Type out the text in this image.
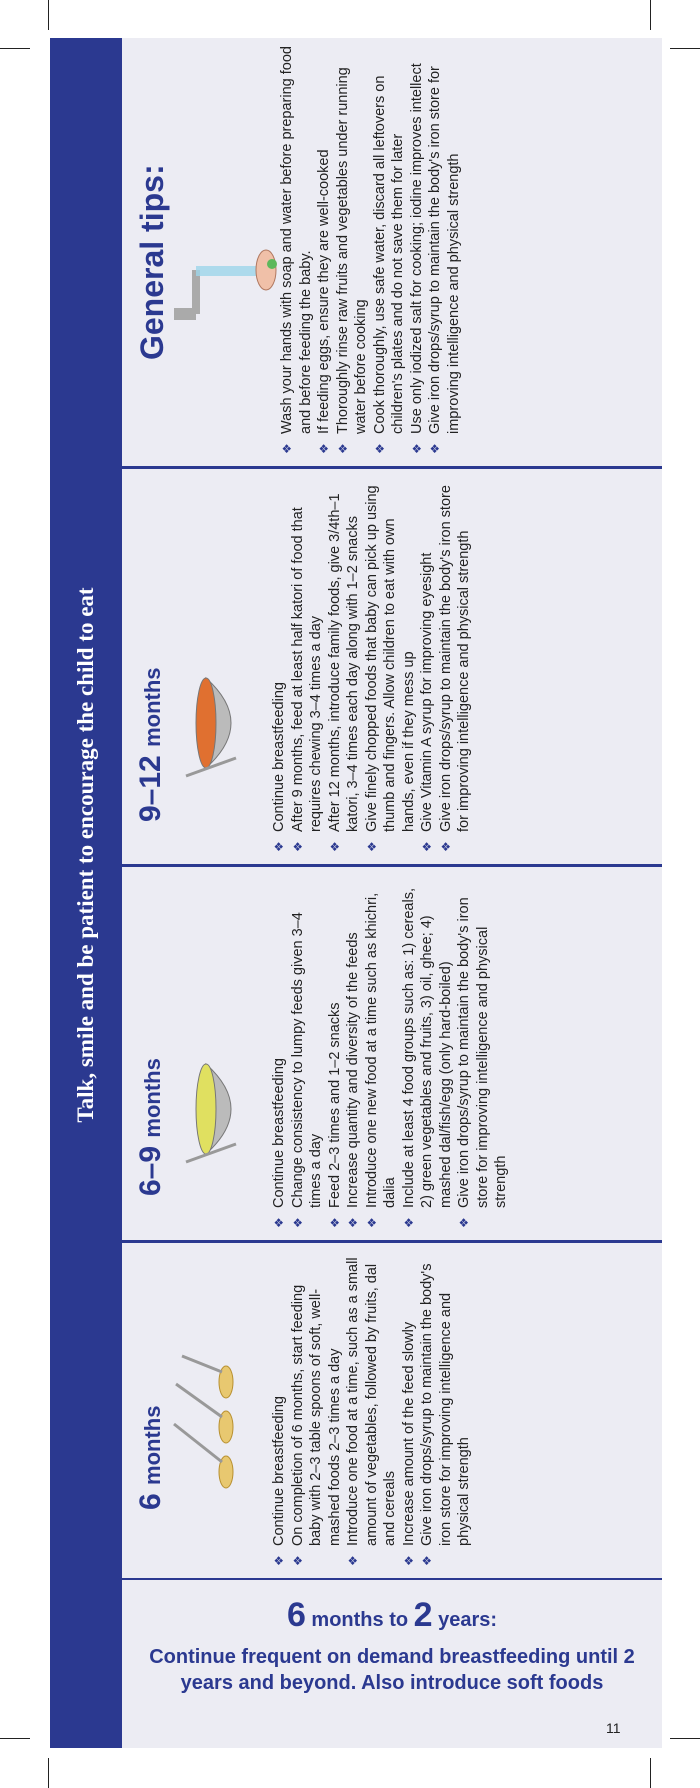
Talk, smile and be patient to encourage the child to eat
6 months	❖ Continue breastfeeding ❖ On completion of 6 months, start feeding baby with 2–3 table spoons of soft, well-mashed foods 2–3 times a day ❖ Introduce one food at a time, such as a small amount of vegetables, followed by fruits, dal and cereals ❖ Increase amount of the feed slowly ❖ Give iron drops/syrup to maintain the body's iron store for improving intelligence and physical strength
6–9 months	❖ Continue breastfeeding ❖ Change consistency to lumpy feeds given 3–4 times a day ❖ Feed 2–3 times and 1–2 snacks ❖ Increase quantity and diversity of the feeds ❖ Introduce one new food at a time such as khichri, dalia ❖ Include at least 4 food groups such as: 1) cereals, 2) green vegetables and fruits, 3) oil, ghee; 4) mashed dal/fish/egg (only hard-boiled) ❖ Give iron drops/syrup to maintain the body's iron store for improving intelligence and physical strength
9–12 months	❖ Continue breastfeeding ❖ After 9 months, feed at least half katori of food that requires chewing 3–4 times a day ❖ After 12 months, introduce family foods, give 3/4th–1 katori, 3–4 times each day along with 1–2 snacks ❖ Give finely chopped foods that baby can pick up using thumb and fingers. Allow children to eat with own hands, even if they mess up ❖ Give Vitamin A syrup for improving eyesight ❖ Give iron drops/syrup to maintain the body's iron store for improving intelligence and physical strength
General tips:	❖ Wash your hands with soap and water before preparing food and before feeding the baby. ❖ If feeding eggs, ensure they are well-cooked ❖ Thoroughly rinse raw fruits and vegetables under running water before cooking ❖ Cook thoroughly, use safe water, discard all leftovers on children's plates and do not save them for later ❖ Use only iodized salt for cooking; iodine improves intellect ❖ Give iron drops/syrup to maintain the body's iron store for improving intelligence and physical strength
6 months to 2 years:
Continue frequent on demand breastfeeding until 2 years and beyond. Also introduce soft foods
11
